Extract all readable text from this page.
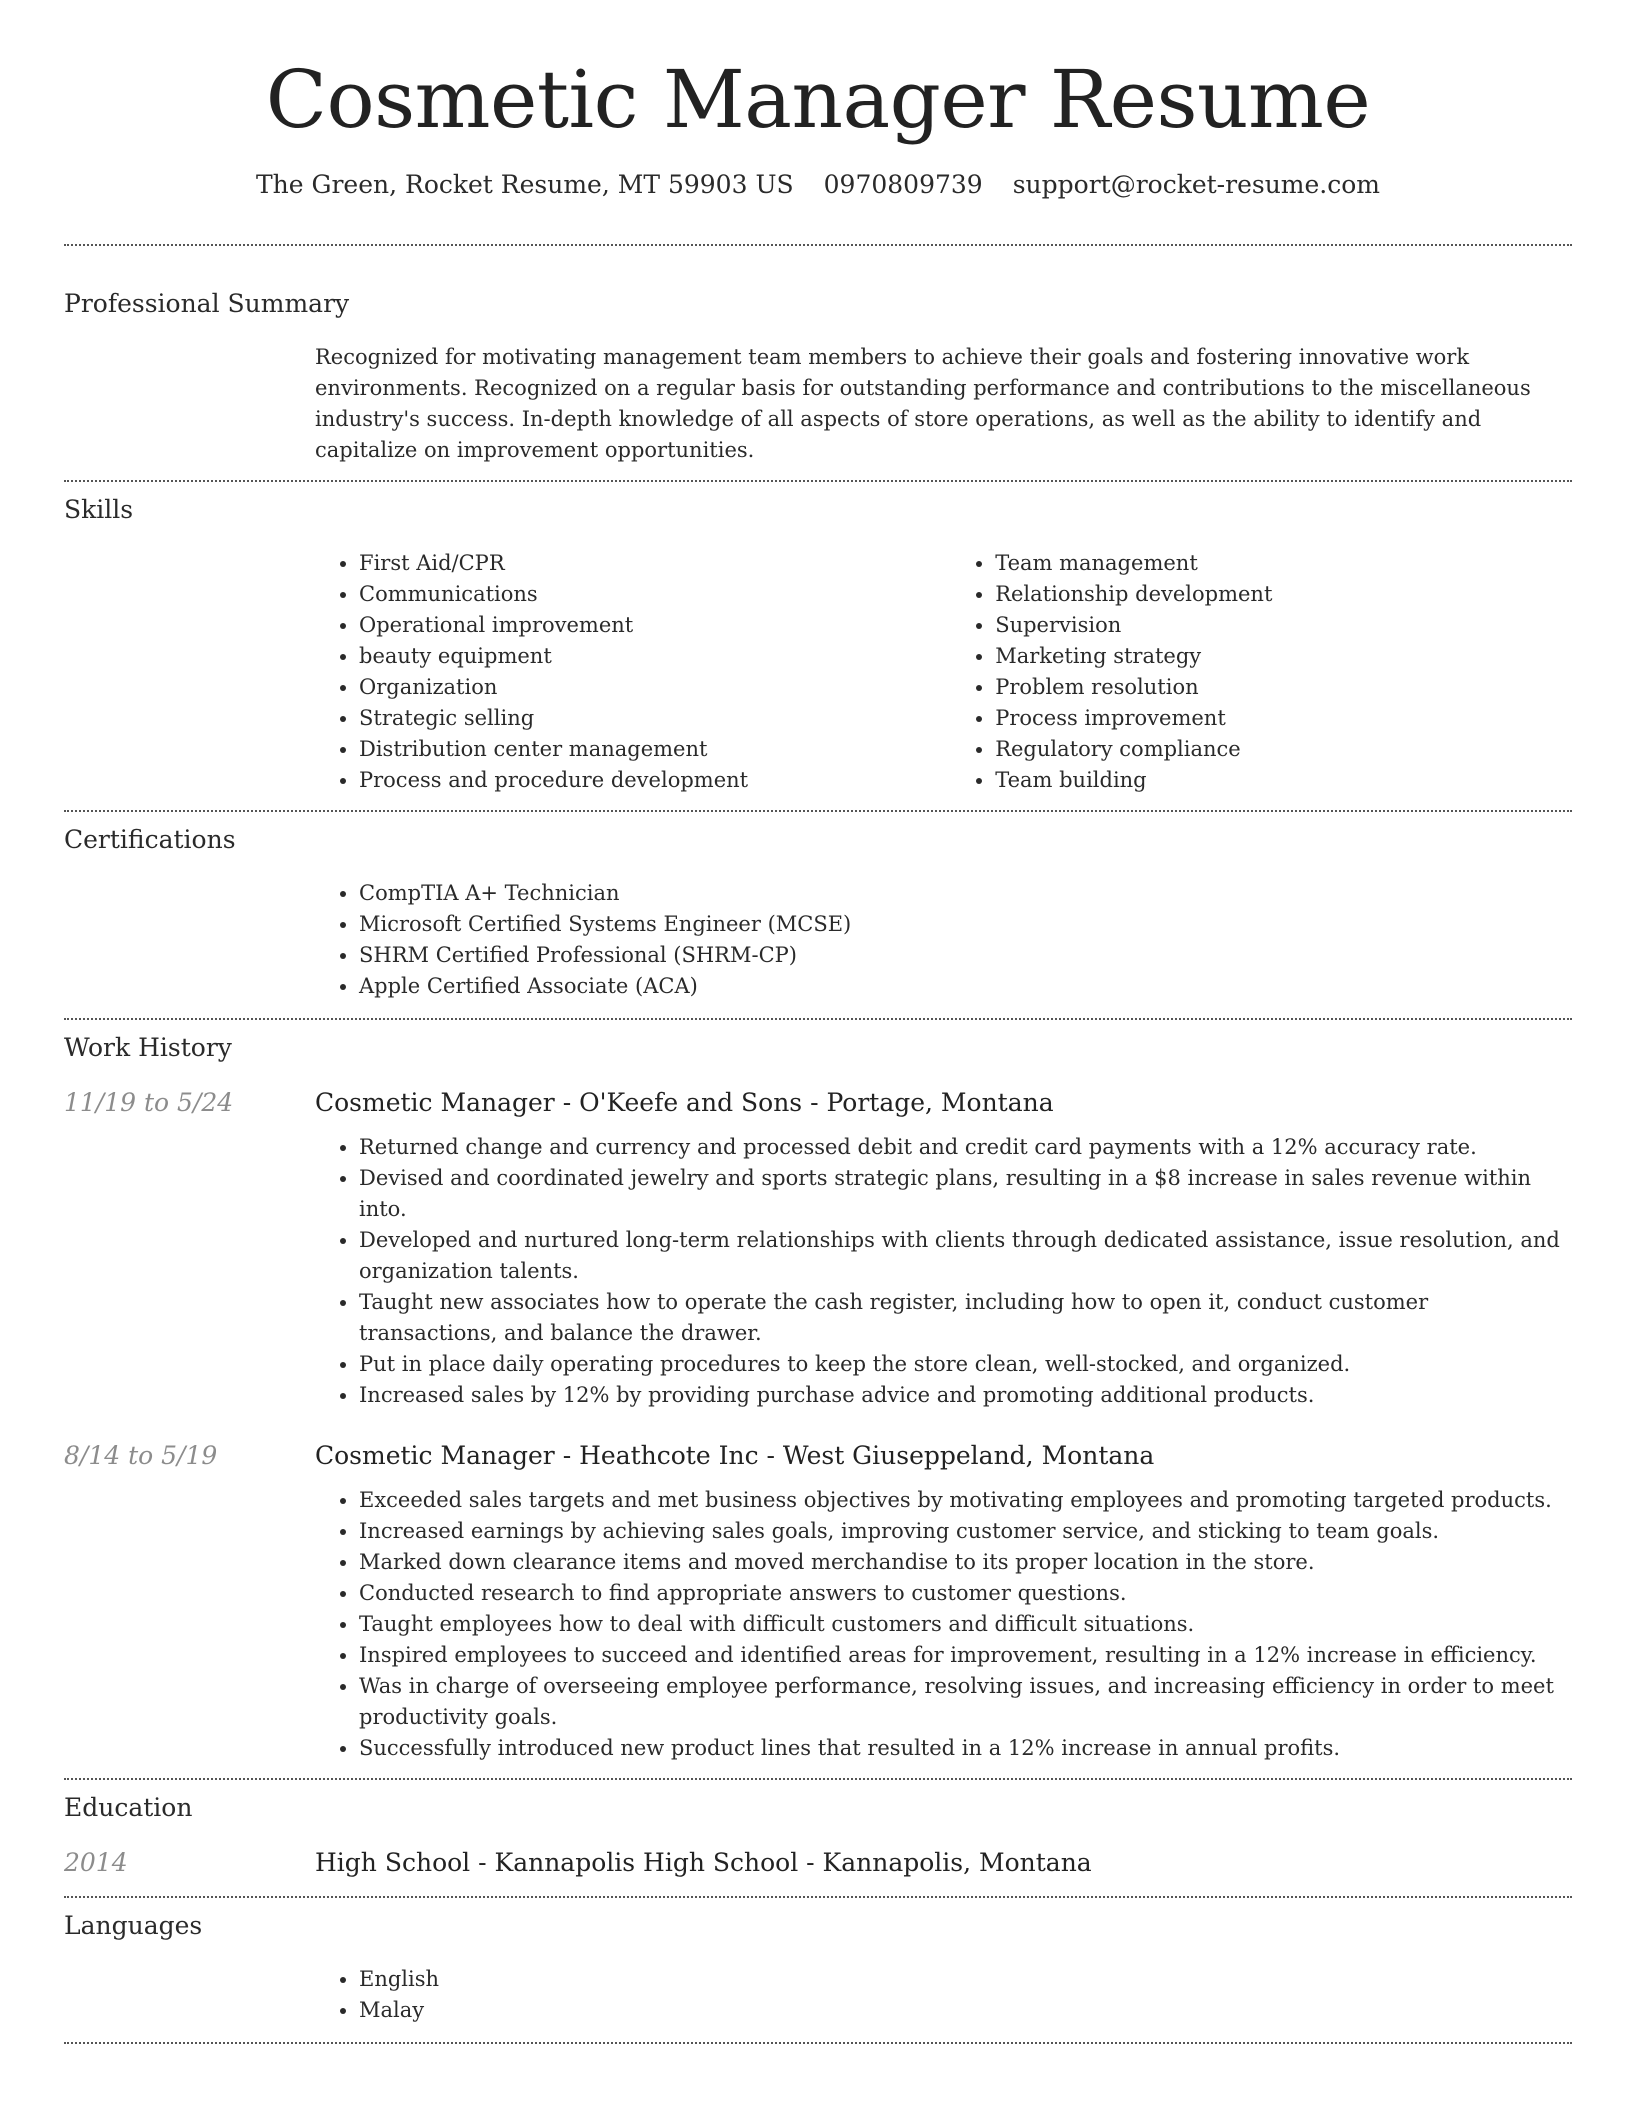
Cosmetic Manager Resume
The Green, Rocket Resume, MT 59903 US 0970809739 support@rocket-resume.com
Professional Summary

Recognized for motivating management team members to achieve their goals and fostering innovative work environments. Recognized on a regular basis for outstanding performance and contributions to the miscellaneous industry's success. In-depth knowledge of all aspects of store operations, as well as the ability to identify and capitalize on improvement opportunities.

Skills
• First Aid/CPR
• Communications
• Operational improvement
• beauty equipment
• Organization
• Strategic selling
• Distribution center management
• Process and procedure development
• Team management
• Relationship development
• Supervision
• Marketing strategy
• Problem resolution
• Process improvement
• Regulatory compliance
• Team building
Certifications
• CompTIA A+ Technician
• Microsoft Certified Systems Engineer (MCSE)
• SHRM Certified Professional (SHRM-CP)
• Apple Certified Associate (ACA)
Work History
11/19 to 5/24	Cosmetic Manager - O'Keefe and Sons - Portage, Montana
• Returned change and currency and processed debit and credit card payments with a 12% accuracy rate.
• Devised and coordinated jewelry and sports strategic plans, resulting in a $8 increase in sales revenue within into.
• Developed and nurtured long-term relationships with clients through dedicated assistance, issue resolution, and organization talents.
• Taught new associates how to operate the cash register, including how to open it, conduct customer transactions, and balance the drawer.
• Put in place daily operating procedures to keep the store clean, well-stocked, and organized.
• Increased sales by 12% by providing purchase advice and promoting additional products.
8/14 to 5/19	Cosmetic Manager - Heathcote Inc - West Giuseppeland, Montana
• Exceeded sales targets and met business objectives by motivating employees and promoting targeted products.
• Increased earnings by achieving sales goals, improving customer service, and sticking to team goals.
• Marked down clearance items and moved merchandise to its proper location in the store.
• Conducted research to find appropriate answers to customer questions.
• Taught employees how to deal with difficult customers and difficult situations.
• Inspired employees to succeed and identified areas for improvement, resulting in a 12% increase in efficiency.
• Was in charge of overseeing employee performance, resolving issues, and increasing efficiency in order to meet productivity goals.
• Successfully introduced new product lines that resulted in a 12% increase in annual profits.
Education
2014	High School - Kannapolis High School - Kannapolis, Montana
Languages
• English
• Malay
